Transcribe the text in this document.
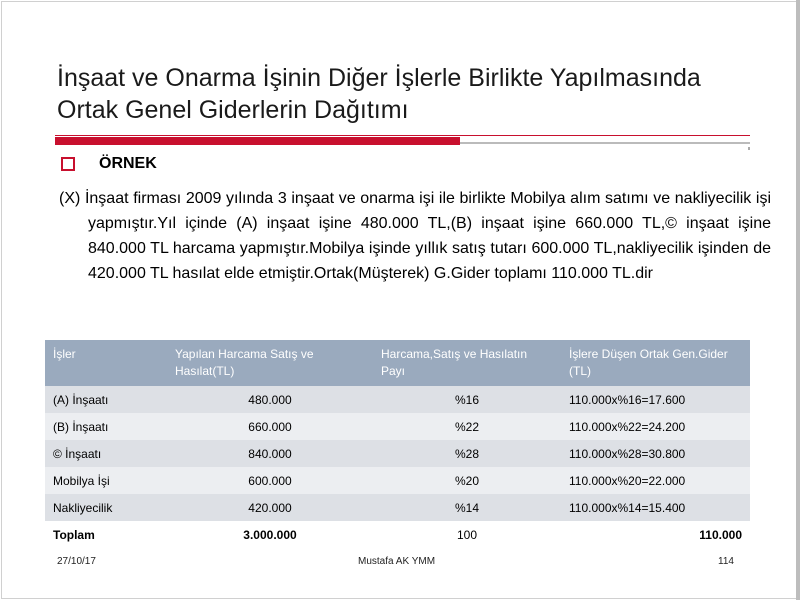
İnşaat ve Onarma İşinin Diğer İşlerle Birlikte Yapılmasında
Ortak Genel Giderlerin Dağıtımı
ÖRNEK
(X) İnşaat firması 2009 yılında 3 inşaat ve onarma işi ile birlikte Mobilya alım satımı ve nakliyecilik işi yapmıştır.Yıl içinde (A) inşaat işine 480.000 TL,(B) inşaat işine 660.000 TL,© inşaat işine 840.000 TL harcama yapmıştır.Mobilya işinde yıllık satış tutarı 600.000 TL,nakliyecilik işinden de 420.000 TL hasılat elde etmiştir.Ortak(Müşterek) G.Gider toplamı 110.000 TL.dir
İşler	Yapılan Harcama Satış ve Hasılat(TL)	Harcama,Satış ve Hasılatın Payı	İşlere Düşen Ortak Gen.Gider (TL)
(A) İnşaatı	480.000	%16	110.000x%16=17.600
(B) İnşaatı	660.000	%22	110.000x%22=24.200
© İnşaatı	840.000	%28	110.000x%28=30.800
Mobilya İşi	600.000	%20	110.000x%20=22.000
Nakliyecilik	420.000	%14	110.000x%14=15.400
Toplam	3.000.000	100	110.000
27/10/17	Mustafa AK YMM	114
